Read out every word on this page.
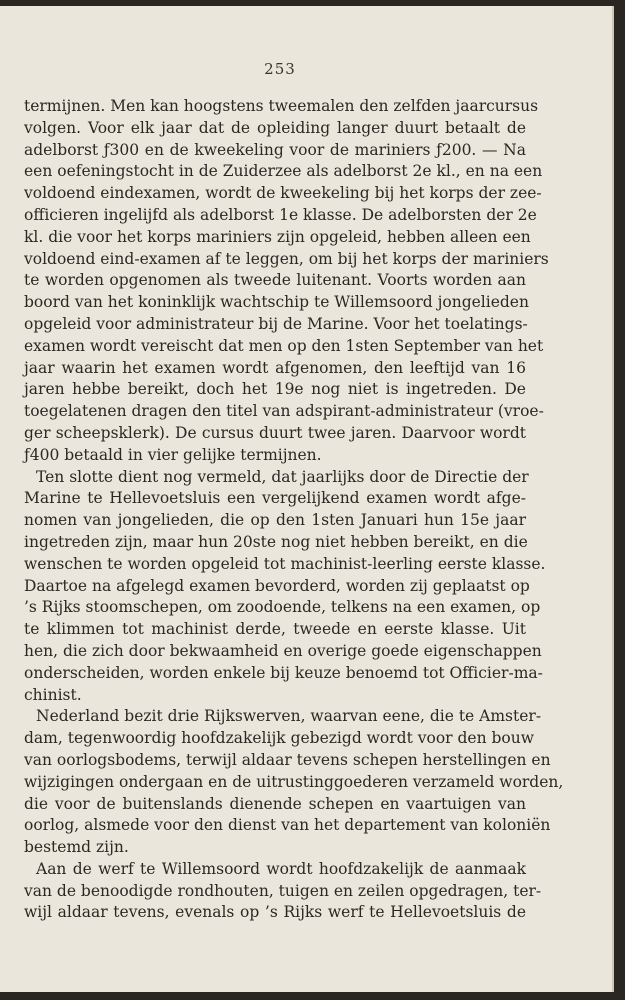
253
termijnen. Men kan hoogstens tweemalen den zelfden jaarcursus
volgen. Voor elk jaar dat de opleiding langer duurt betaalt de
adelborst ƒ300 en de kweekeling voor de mariniers ƒ200. — Na
een oefeningstocht in de Zuiderzee als adelborst 2e kl., en na een
voldoend eindexamen, wordt de kweekeling bij het korps der zee-
officieren ingelijfd als adelborst 1e klasse. De adelborsten der 2e
kl. die voor het korps mariniers zijn opgeleid, hebben alleen een
voldoend eind-examen af te leggen, om bij het korps der mariniers
te worden opgenomen als tweede luitenant. Voorts worden aan
boord van het koninklijk wachtschip te Willemsoord jongelieden
opgeleid voor administrateur bij de Marine. Voor het toelatings-
examen wordt vereischt dat men op den 1sten September van het
jaar waarin het examen wordt afgenomen, den leeftijd van 16
jaren hebbe bereikt, doch het 19e nog niet is ingetreden. De
toegelatenen dragen den titel van adspirant-administrateur (vroe-
ger scheepsklerk). De cursus duurt twee jaren. Daarvoor wordt
ƒ400 betaald in vier gelijke termijnen.
Ten slotte dient nog vermeld, dat jaarlijks door de Directie der
Marine te Hellevoetsluis een vergelijkend examen wordt afge-
nomen van jongelieden, die op den 1sten Januari hun 15e jaar
ingetreden zijn, maar hun 20ste nog niet hebben bereikt, en die
wenschen te worden opgeleid tot machinist-leerling eerste klasse.
Daartoe na afgelegd examen bevorderd, worden zij geplaatst op
’s Rijks stoomschepen, om zoodoende, telkens na een examen, op
te klimmen tot machinist derde, tweede en eerste klasse. Uit
hen, die zich door bekwaamheid en overige goede eigenschappen
onderscheiden, worden enkele bij keuze benoemd tot Officier-ma-
chinist.
Nederland bezit drie Rijkswerven, waarvan eene, die te Amster-
dam, tegenwoordig hoofdzakelijk gebezigd wordt voor den bouw
van oorlogsbodems, terwijl aldaar tevens schepen herstellingen en
wijzigingen ondergaan en de uitrustinggoederen verzameld worden,
die voor de buitenslands dienende schepen en vaartuigen van
oorlog, alsmede voor den dienst van het departement van koloniën
bestemd zijn.
Aan de werf te Willemsoord wordt hoofdzakelijk de aanmaak
van de benoodigde rondhouten, tuigen en zeilen opgedragen, ter-
wijl aldaar tevens, evenals op ’s Rijks werf te Hellevoetsluis de
